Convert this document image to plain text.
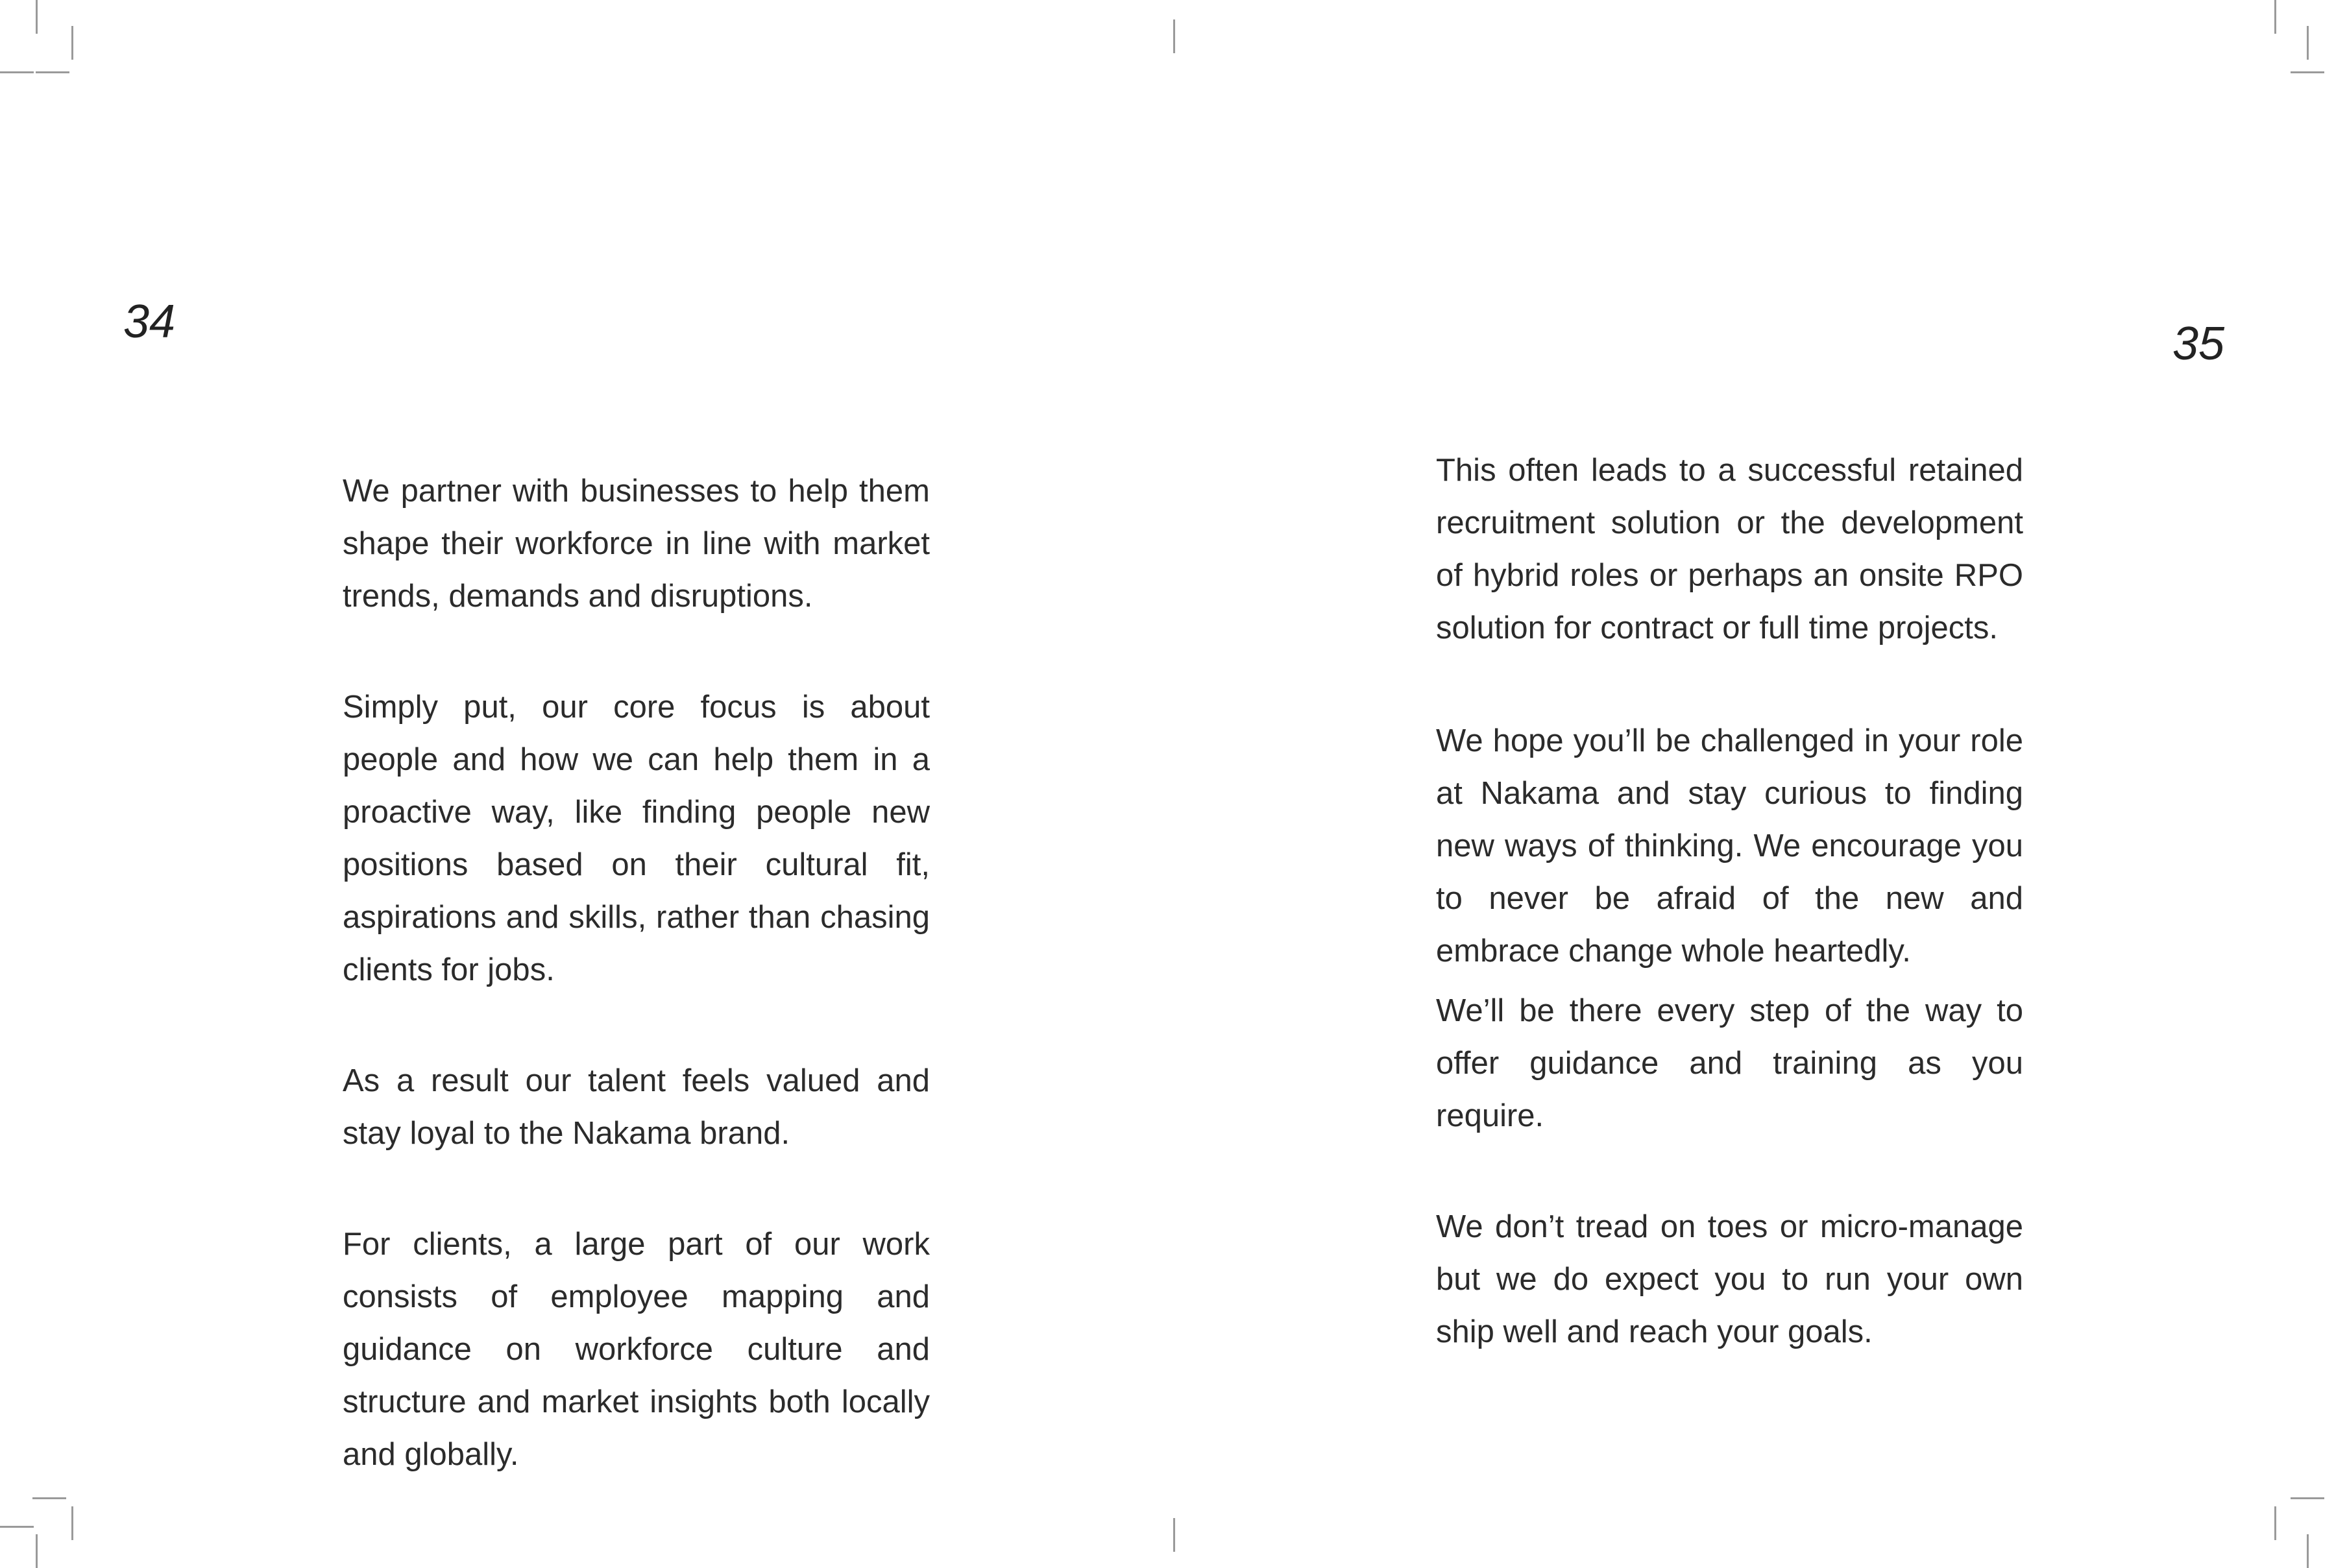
34

We partner with businesses to help them shape their workforce in line with market trends, demands and disruptions.

Simply put, our core focus is about people and how we can help them in a proactive way, like finding people new positions based on their cultural fit, aspirations and skills, rather than chasing clients for jobs.

As a result our talent feels valued and stay loyal to the Nakama brand.

For clients, a large part of our work consists of employee mapping and guidance on workforce culture and structure and market insights both locally and globally.

35

This often leads to a successful retained recruitment solution or the development of hybrid roles or perhaps an onsite RPO solution for contract or full time projects.

We hope you’ll be challenged in your role at Nakama and stay curious to finding new ways of thinking. We encourage you to never be afraid of the new and embrace change whole heartedly.

We’ll be there every step of the way to offer guidance and training as you require.

We don’t tread on toes or micro-manage but we do expect you to run your own ship well and reach your goals.
